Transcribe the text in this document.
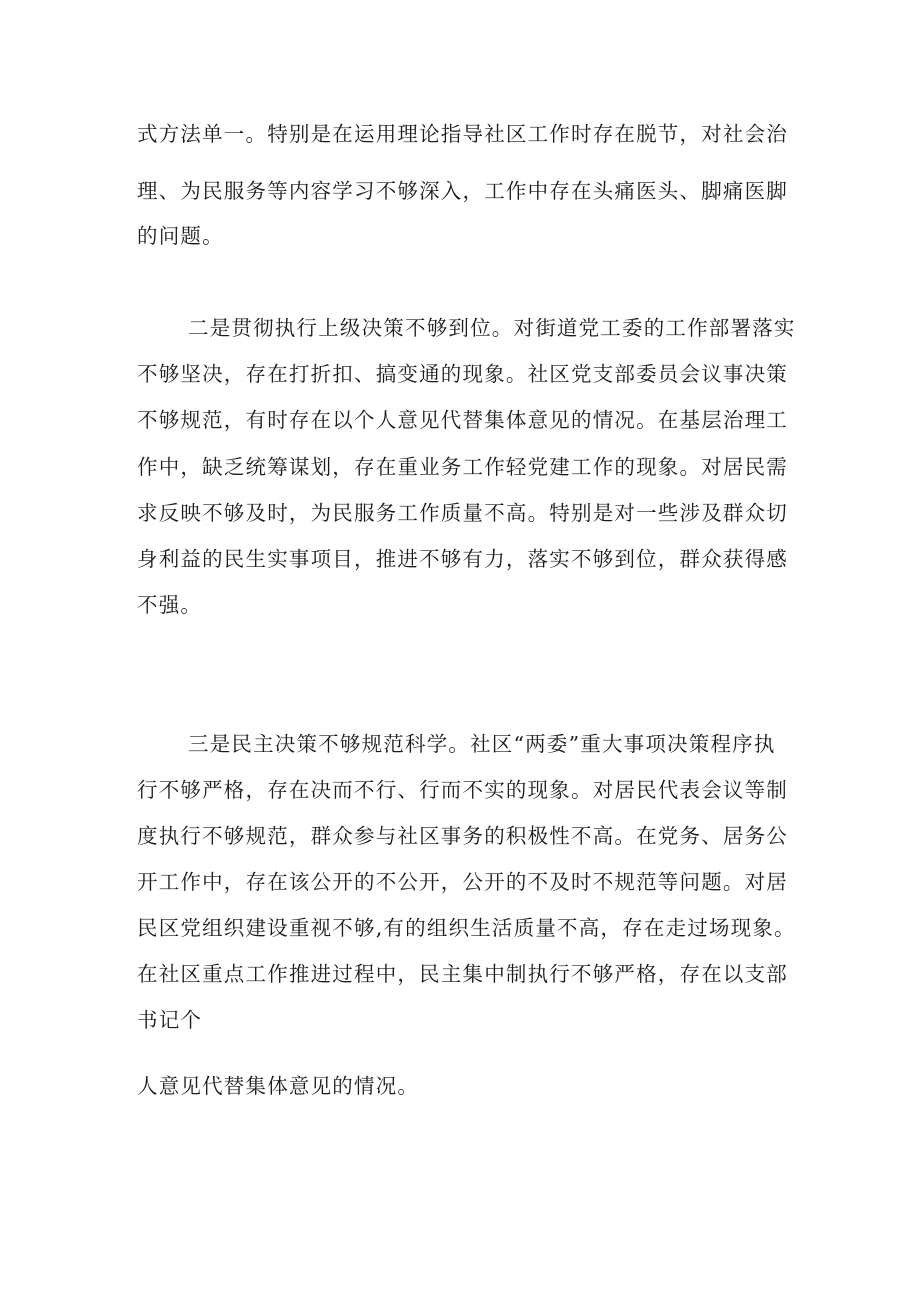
式方法单一。特别是在运用理论指导社区工作时存在脱节，对社会治

理、为民服务等内容学习不够深入，工作中存在头痛医头、脚痛医脚

的问题。

二是贯彻执行上级决策不够到位。对街道党工委的工作部署落实

不够坚决，存在打折扣、搞变通的现象。社区党支部委员会议事决策

不够规范，有时存在以个人意见代替集体意见的情况。在基层治理工

作中，缺乏统筹谋划，存在重业务工作轻党建工作的现象。对居民需

求反映不够及时，为民服务工作质量不高。特别是对一些涉及群众切

身利益的民生实事项目，推进不够有力，落实不够到位，群众获得感

不强。

三是民主决策不够规范科学。社区“两委”重大事项决策程序执

行不够严格，存在决而不行、行而不实的现象。对居民代表会议等制

度执行不够规范，群众参与社区事务的积极性不高。在党务、居务公

开工作中，存在该公开的不公开，公开的不及时不规范等问题。对居

民区党组织建设重视不够,有的组织生活质量不高，存在走过场现象。

在社区重点工作推进过程中，民主集中制执行不够严格，存在以支部

书记个

人意见代替集体意见的情况。
